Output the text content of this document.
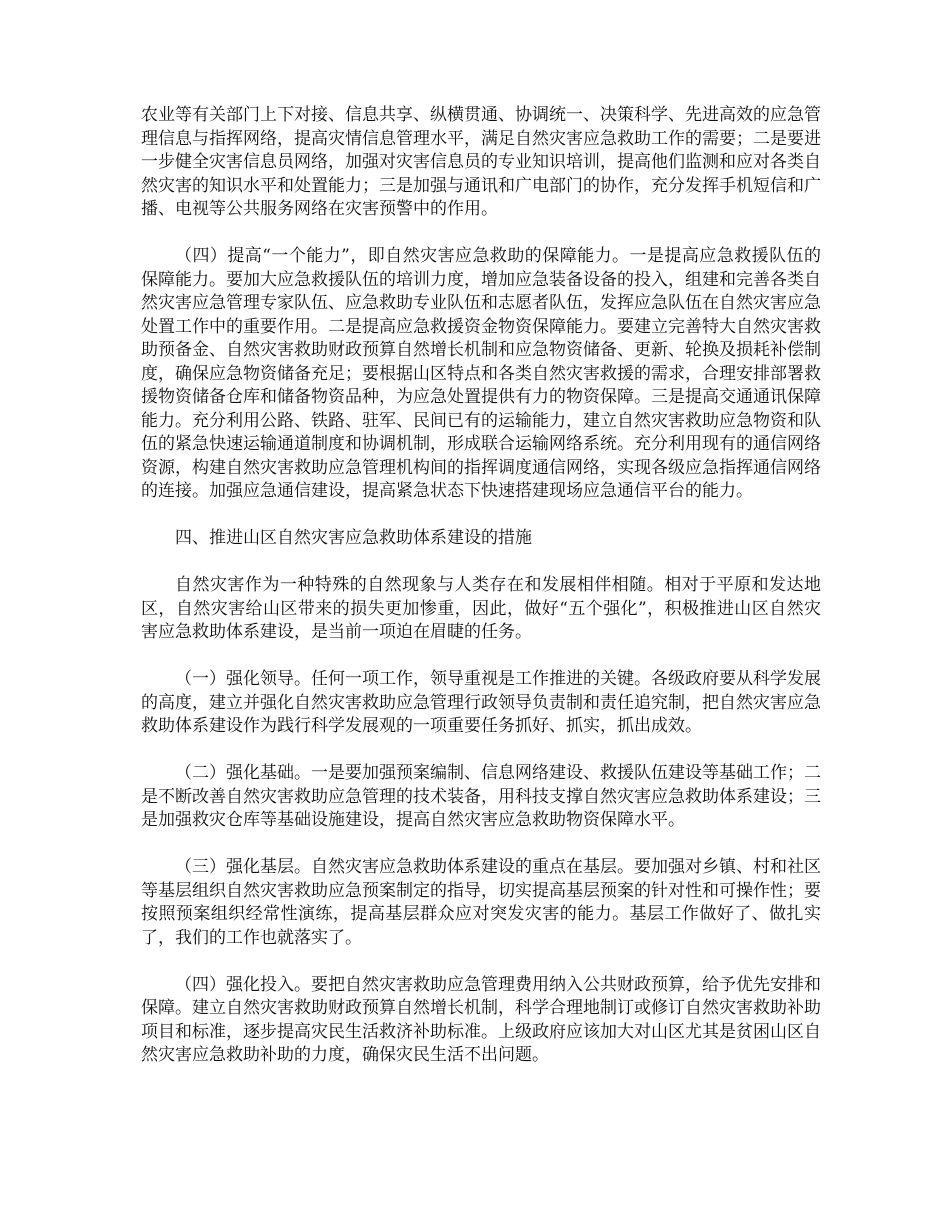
农业等有关部门上下对接、信息共享、纵横贯通、协调统一、决策科学、先进高效的应急管理信息与指挥网络，提高灾情信息管理水平，满足自然灾害应急救助工作的需要；二是要进一步健全灾害信息员网络，加强对灾害信息员的专业知识培训，提高他们监测和应对各类自然灾害的知识水平和处置能力；三是加强与通讯和广电部门的协作，充分发挥手机短信和广播、电视等公共服务网络在灾害预警中的作用。

（四）提高“一个能力”，即自然灾害应急救助的保障能力。一是提高应急救援队伍的保障能力。要加大应急救援队伍的培训力度，增加应急装备设备的投入，组建和完善各类自然灾害应急管理专家队伍、应急救助专业队伍和志愿者队伍，发挥应急队伍在自然灾害应急处置工作中的重要作用。二是提高应急救援资金物资保障能力。要建立完善特大自然灾害救助预备金、自然灾害救助财政预算自然增长机制和应急物资储备、更新、轮换及损耗补偿制度，确保应急物资储备充足；要根据山区特点和各类自然灾害救援的需求，合理安排部署救援物资储备仓库和储备物资品种，为应急处置提供有力的物资保障。三是提高交通通讯保障能力。充分利用公路、铁路、驻军、民间已有的运输能力，建立自然灾害救助应急物资和队伍的紧急快速运输通道制度和协调机制，形成联合运输网络系统。充分利用现有的通信网络资源，构建自然灾害救助应急管理机构间的指挥调度通信网络，实现各级应急指挥通信网络的连接。加强应急通信建设，提高紧急状态下快速搭建现场应急通信平台的能力。

四、推进山区自然灾害应急救助体系建设的措施

自然灾害作为一种特殊的自然现象与人类存在和发展相伴相随。相对于平原和发达地区，自然灾害给山区带来的损失更加惨重，因此，做好“五个强化”，积极推进山区自然灾害应急救助体系建设，是当前一项迫在眉睫的任务。

（一）强化领导。任何一项工作，领导重视是工作推进的关键。各级政府要从科学发展的高度，建立并强化自然灾害救助应急管理行政领导负责制和责任追究制，把自然灾害应急救助体系建设作为践行科学发展观的一项重要任务抓好、抓实，抓出成效。

（二）强化基础。一是要加强预案编制、信息网络建设、救援队伍建设等基础工作；二是不断改善自然灾害救助应急管理的技术装备，用科技支撑自然灾害应急救助体系建设；三是加强救灾仓库等基础设施建设，提高自然灾害应急救助物资保障水平。

（三）强化基层。自然灾害应急救助体系建设的重点在基层。要加强对乡镇、村和社区等基层组织自然灾害救助应急预案制定的指导，切实提高基层预案的针对性和可操作性；要按照预案组织经常性演练，提高基层群众应对突发灾害的能力。基层工作做好了、做扎实了，我们的工作也就落实了。

（四）强化投入。要把自然灾害救助应急管理费用纳入公共财政预算，给予优先安排和保障。建立自然灾害救助财政预算自然增长机制，科学合理地制订或修订自然灾害救助补助项目和标准，逐步提高灾民生活救济补助标准。上级政府应该加大对山区尤其是贫困山区自然灾害应急救助补助的力度，确保灾民生活不出问题。
